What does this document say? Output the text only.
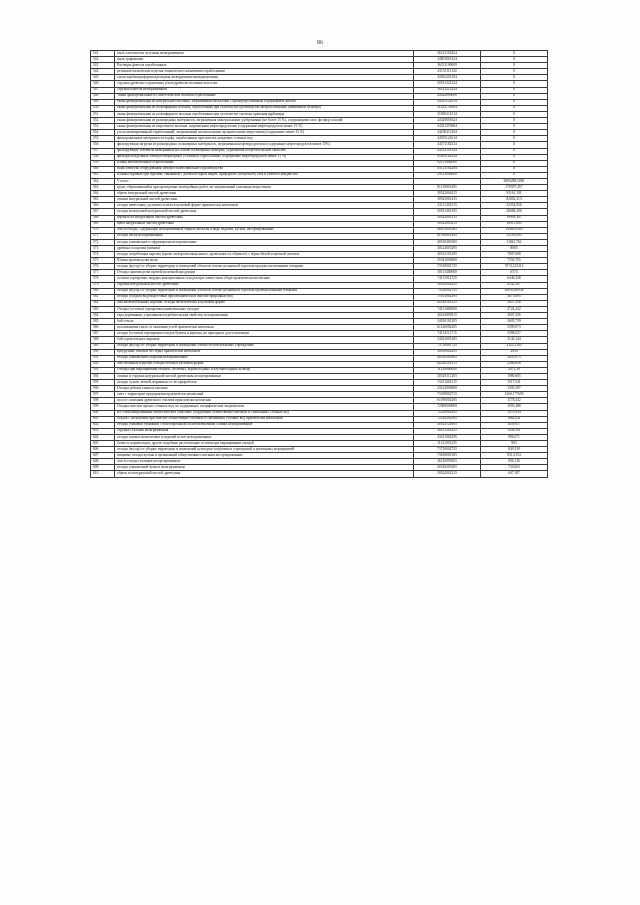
86
541	пыль газоочистки чугунная незагрязненная	36123102424	0
542	пыль графитовая	34853001424	0
543	Растворы флюсов отработанные	36331100009	0
544	резинометаллические изделия технического назначения отработанные	43131111124	0
545	смола карбамидоформальдегидная затвердевшая некондиционная	43492201294	0
546	стружка древесно-стружечных и/или древесно-волокнистых плит	30531321224	0
547	стружка пакетов незагрязненная	36121212224	0
548	Ткани фильтровальные из синтетических волокон отработанные	44322000000	0
549	ткань фильтровальная из натурального волокна, загрязненная металлами с преимущественным содержанием железа	44321121614	0
550	ткань фильтровальная из полиэфирных волокон, отработанная при газоочистке производства нитрата аммония (аммиачной селитры)	31433731604	0
551	ткань фильтровальная из полиэфирного волокна отработанная при газоочистке системы хранения карбамида	31005211514	0
552	ткань фильтровальная из разнородных материалов, загрязненная минеральными удобрениями (не более 15 %), содержащими азот, фосфор и калий	44329001624	0
553	ткань фильтровальная из шерстяного волокна, загрязненная нефтепродуктами (содержание нефтепродуктов менее 15 %)	44321255604	0
554	уголь активированный отработанный, загрязненный малоопасными органическими веществами (содержание менее 15 %)	44250411204	0
555	фильтровальные материалы из торфа, отработанные при очистке дождевых сточных вод	44391121614	0
556	фильтрующая загрузка из разнородных полимерных материалов, загрязненная нефтепродуктами (содержание нефтепродуктов менее 15%)	44371182524	0
557	фильтрующие элементы мембранные на основе полимерных мембран, утратившие потребительские свойства	44312101524	0
558	фильтры воздушные электрогенераторных установок отработанные (содержание нефтепродуктов менее 15 %)	91861102524	0
559	Шины автомобильные отработанные	92111000000	0
560	шлак зачистки оборудования электросталеплавильного производства	35121102204	0
561	Шламы буровые при бурении, связанном с добычей сырой нефти, природного (попутного) газа и газового конденсата	29112000000	0
562	V класс		6069288,5085
563	грунт, образовавшийся при проведении землеройных работ, не загрязненный опасными веществами	81110001495	170597,457
564	обрезь натуральной чистой древесины	30522004215	93161,101
565	опилки натуральной чистой древесины	30523001435	82002,313
566	отходы известняка, доломита и мела в кусковой форме практически неопасные	23111201215	32354,836
567	отходы малоценной натуральной чистой древесины	30531461295	28684,206
568	горбыль из натуральной чистой древесины	30522001215	19993,307
569	щепа натуральной чистой древесины	30522003215	16011,685
570	лом и отходы, содержащие незагрязненные черные металлы в виде изделий, кусков, несортированные	46101001205	14489,9305
571	отходы песка незагрязненные	81910001495	12195,003
572	отходы упаковочного гофрокартона незагрязненные	40518401605	11841,762
573	дробина солодовая (пивная)	30124003295	8065
574	отходы потребления картона (кроме электроизоляционного, кровельного и обувного) с черно-белой и цветной печатью	40512101205	7807,008
575	Шлаки производства меди	35541000000	7550,705
576	отходы (мусор) от уборки территории и помещений объектов оптово-розничной торговли продовольственными товарами	73510001725	7074,123312
577	Отходы производства прочей молочной продукции	30115400000	6574
578	остатки сортировки твердых коммунальных отходов при совместном сборе практически неопасные	74111912725	6446,348
579	стружка натуральной чистой древесины	30522002225	6242,567
580	отходы (мусор) от уборки территории и помещений объектов оптово-розничной торговли промышленными товарами	73510002725	4909,030938
581	отходы (осадки) водоподготовки при механической очистке природных вод	71011002395	4073,695
582	лом железобетонных изделий, отходы железобетона в кусковой форме	82230101215	3857,356
583	Отходы (остатки) сортировки коммунальных отходов	74111000000	3724,432
584	тара деревянная, утратившая потребительские свойства, незагрязненная	40414000515	3607,456
585	бой стекла	34190101205	3605,739
586	золошлаковая смесь от сжигания углей практически неопасная	61140002205	3399,073
587	отходы (остатки) сортировки отходов бумаги и картона, не пригодные для утилизации	74114111715	3398,027
588	бой строительного кирпича	34321001205	3142,144
589	отходы (мусор) от уборки территории и помещений учебно-воспитательных учреждений	73710001725	3122,1185
590	кукурузные початки без зерна практически неопасные	30010002295	2850
591	отходы упаковочного картона незагрязненные	40518301605	2453,975
592	лом бетонных изделий, отходы бетона в кусковой форме	82220101215	2386,656
593	Отходы при выращивании овощей, бахчевых, корнеплодных и клубнеплодных культур	11120000000	2073,36
594	опилки и стружка натуральной чистой древесины несортированные	30529111205	1980,605
595	отходы сучьев, ветвей, вершинок от лесоразработок	15211001215	1517,541
596	Отходы добычи глины и каолина	23122000000	1393,397
597	смет с территории предприятия практически неопасный	73339002715	1360,177659
598	зола от сжигания древесного топлива практически неопасная	61190002405	1178,432
599	Отходы очистки прочих сточных вод, не содержащих специфические загрязнители	72900000000	1093,488
600	ил стабилизированный биологических очистных сооружений хозяйственно-бытовых и смешанных сточных вод	72220002395	1070,934
601	осадок с песколовок при очистке хозяйственно-бытовых и смешанных сточных вод практически неопасный	72210202395	1062,431
602	отходы упаковки бумажной с влагопрочными полиэтиленовыми слоями незагрязненные	40521121605	1059,017
603	стружка стальная незагрязненная	36121202225	1058,591
604	отходы пленки полиэтилена и изделий из нее незагрязненные	43411002295	986,071
605	ботва от корнеплодов, другие подобные растительные остатки при выращивании овощей	11121001235	983
606	отходы (мусор) от уборки территории и помещений культурно-спортивных учреждений и зрелищных мероприятий	73710002725	849,518
607	пищевые отходы кухонь и организаций общественного питания несортированные	73610001305	831,6154
608	лом и отходы стальные несортированные	46120099205	806,126
609	отходы упаковочной бумаги незагрязненные	40518201605	720,063
610	обрезь из натуральной чистой древесины	30522002215	647,187
